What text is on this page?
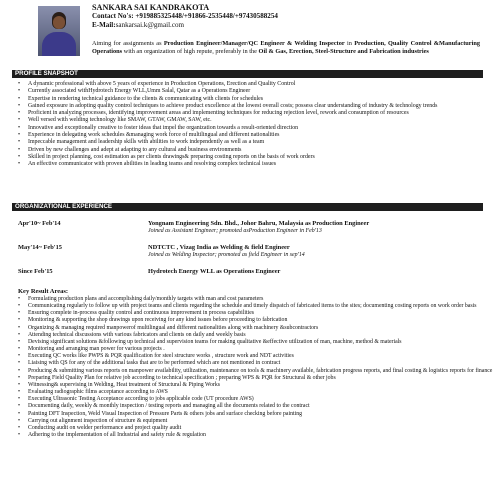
SANKARA SAI KANDRAKOTA
Contact No's: +919885325448/+91866-2535448/+97430588254
E-Mail:sankarsai.k@gmail.com
Aiming for assignments as Production Engineer/Manager/QC Engineer & Welding Inspector in Production, Quality Control &Manufacturing Operations with an organization of high repute, preferably in the Oil & Gas, Erection, Steel-Structure and Fabrication industries
PROFILE SNAPSHOT
• A dynamic professional with above 5 years of experience in Production Operations, Erection and Quality Control
• Currently associated withHydrotech Energy WLL,Umm Salal, Qatar as a Operations Engineer
• Expertise in rendering technical guidance to the clients & communicating with clients for schedules
• Gained exposure in adopting quality control techniques to achieve product excellence at the lowest overall costs; possess clear understanding of industry & technology trends
• Proficient in analyzing processes, identifying improvement areas and implementing techniques for reducing rejection level, rework and consumption of resources
• Well versed with welding technology like SMAW, GTAW, GMAW, SAW, etc.
• Innovative and exceptionally creative to foster ideas that impel the organization towards a result-oriented direction
• Experience in delegating work schedules &managing work force of multilingual and different nationalities
• Impeccable management and leadership skills with abilities to work independently as well as a team
• Driven by new challenges and adept at adapting to any cultural and business environments
• Skilled in project planning, cost estimation as per clients drawings& preparing costing reports on the basis of work orders
• An effective communicator with proven abilities in leading teams and resolving complex technical issues
ORGANIZATIONAL EXPERIENCE
Apr'10~ Feb'14	Yongnam Engineering Sdn. Bhd., Johor Bahru, Malaysia as Production Engineer
Joined as Assistant Engineer; promoted asProduction Engineer in Feb'13
May'14~ Feb'15	NDTCTC , Vizag India as Welding & field Engineer
Joined as Welding Inspector; promoted as field Engineer in sep'14
Since Feb'15	Hydrotech Energy WLL as Operations Engineer
Key Result Areas:
• Formulating production plans and accomplishing daily/monthly targets with man and cost parameters
• Communicating regularly to follow up with project teams and clients regarding the schedule and timely dispatch of fabricated items to the sites; documenting costing reports on work order basis
• Ensuring complete in-process quality control and continuous improvement in process capabilities
• Monitoring & supporting the shop drawings upon receiving for any kind issues before proceeding to fabrication
• Organizing & managing required manpowerof multilingual and different nationalities along with machinery &subcontractors
• Attending technical discussions with various fabricators and clients on daily and weekly basis
• Devising significant solutions &following up technical and supervision teams for making qualitative &effective utilization of man, machine, method & materials
• Monitoring and arranging man power for various projects .
• Executing QC works like PWPS & PQR qualification for steel structure works , structure work and NDT activities
• Liaising with QS for any of the additional tasks that are to be performed which are not mentioned in contract
• Producing & submitting various reports on manpower availability, utilization, maintenance on tools & machinery available, fabrication progress reports, and final costing & logistics reports for finance
• Preparing Field Quality Plan for relative job according to technical specification ; preparing WPS & PQR for Structural & other jobs
• Witnessing& supervising in Welding, Heat treatment of Structural & Piping Works
• Evaluating radiographic films acceptance according to AWS
• Executing Ultrasonic Testing Acceptance according to jobs applicable code (UT procedure AWS)
• Documenting daily, weekly & monthly inspection / testing reports and managing all the documents related to the contract
• Painting DFT Inspection, Weld Visual Inspection of Pressure Parts & others jobs and surface checking before painting
• Carrying out alignment inspection of structure & equipment
• Conducting audit on welder performance and project quality audit
• Adhering to the implementation of all Industrial and safety rule & regulation
